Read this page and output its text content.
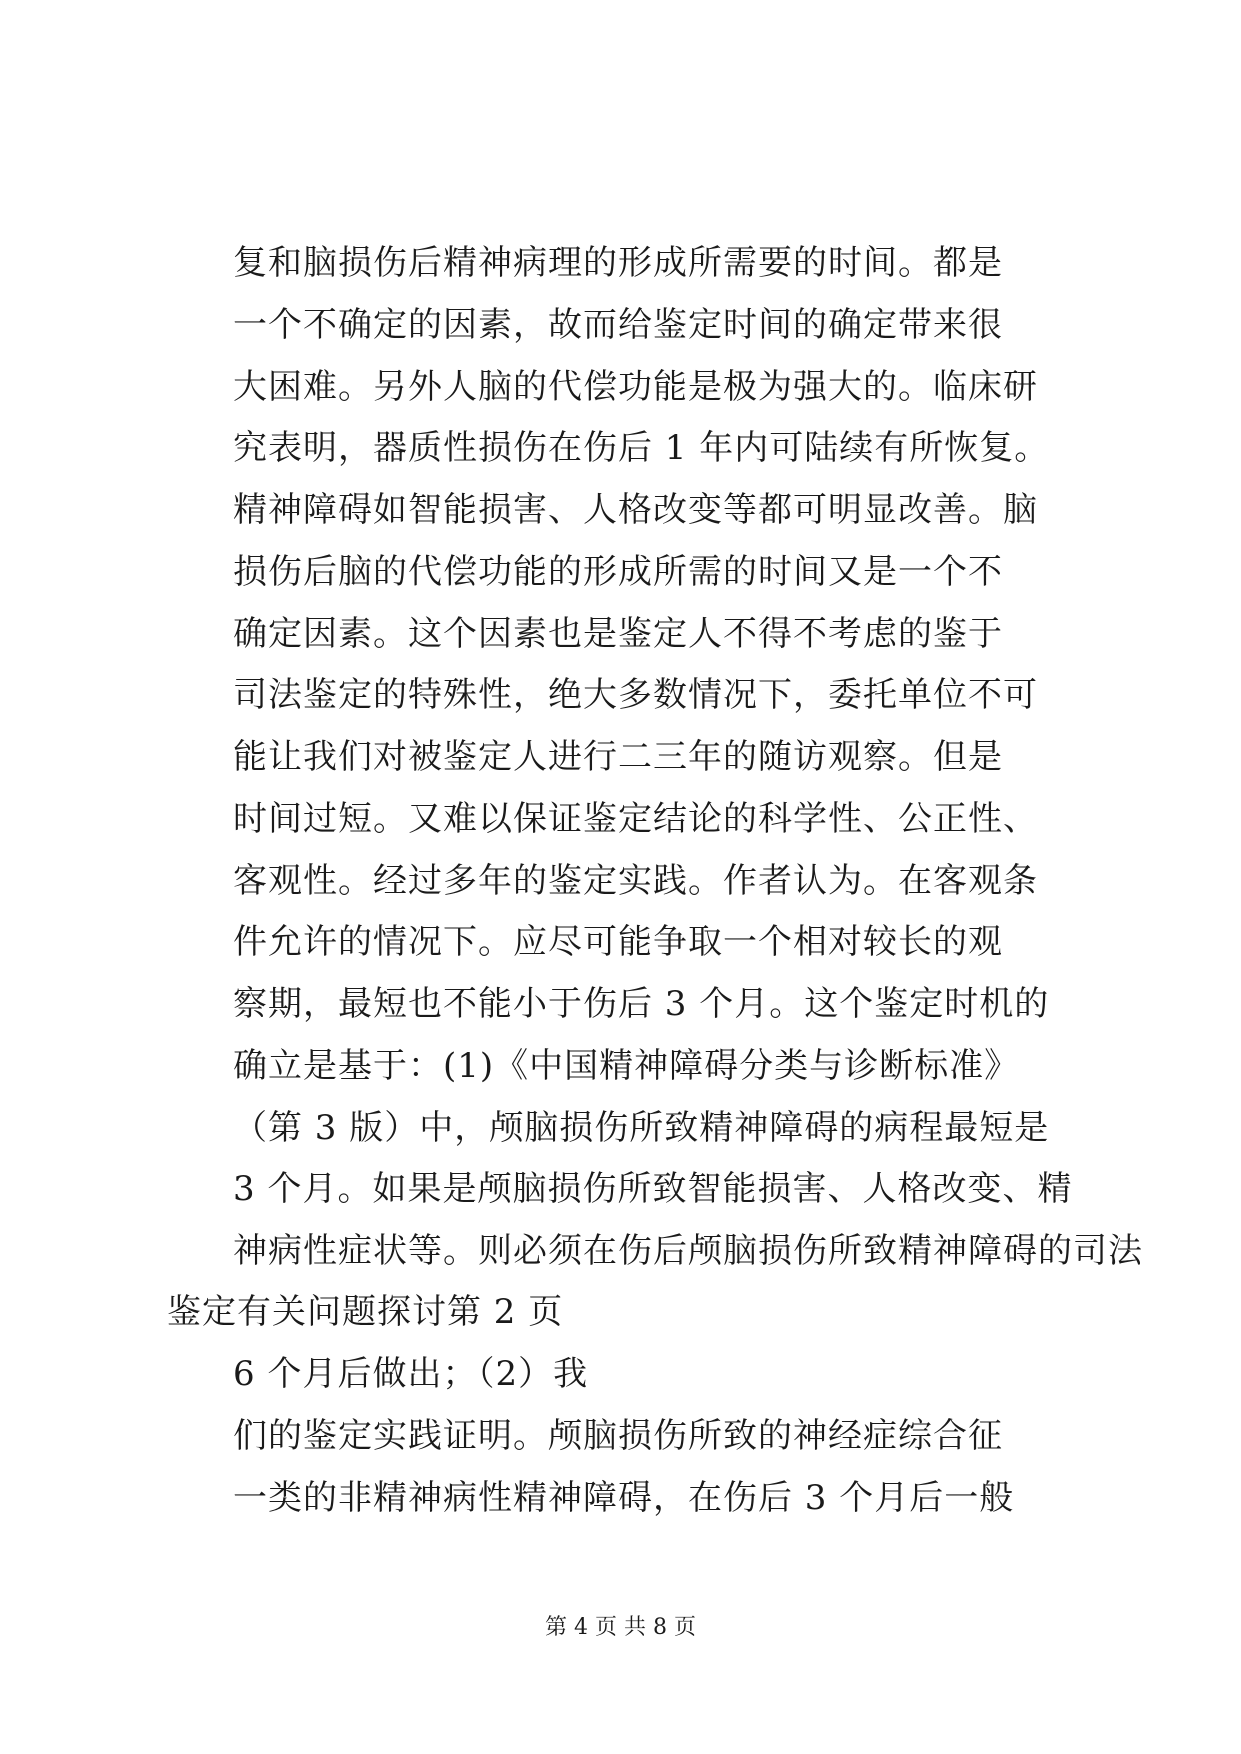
复和脑损伤后精神病理的形成所需要的时间。都是
一个不确定的因素，故而给鉴定时间的确定带来很
大困难。另外人脑的代偿功能是极为强大的。临床研
究表明，器质性损伤在伤后 1 年内可陆续有所恢复。
精神障碍如智能损害、人格改变等都可明显改善。脑
损伤后脑的代偿功能的形成所需的时间又是一个不
确定因素。这个因素也是鉴定人不得不考虑的鉴于
司法鉴定的特殊性，绝大多数情况下，委托单位不可
能让我们对被鉴定人进行二三年的随访观察。但是
时间过短。又难以保证鉴定结论的科学性、公正性、
客观性。经过多年的鉴定实践。作者认为。在客观条
件允许的情况下。应尽可能争取一个相对较长的观
察期，最短也不能小于伤后 3 个月。这个鉴定时机的
确立是基于：(1)《中国精神障碍分类与诊断标准》
（第 3 版）中，颅脑损伤所致精神障碍的病程最短是
3 个月。如果是颅脑损伤所致智能损害、人格改变、精
神病性症状等。则必须在伤后颅脑损伤所致精神障碍的司法
鉴定有关问题探讨第 2 页
6 个月后做出；（2）我
们的鉴定实践证明。颅脑损伤所致的神经症综合征
一类的非精神病性精神障碍，在伤后 3 个月后一般
第 4 页 共 8 页
